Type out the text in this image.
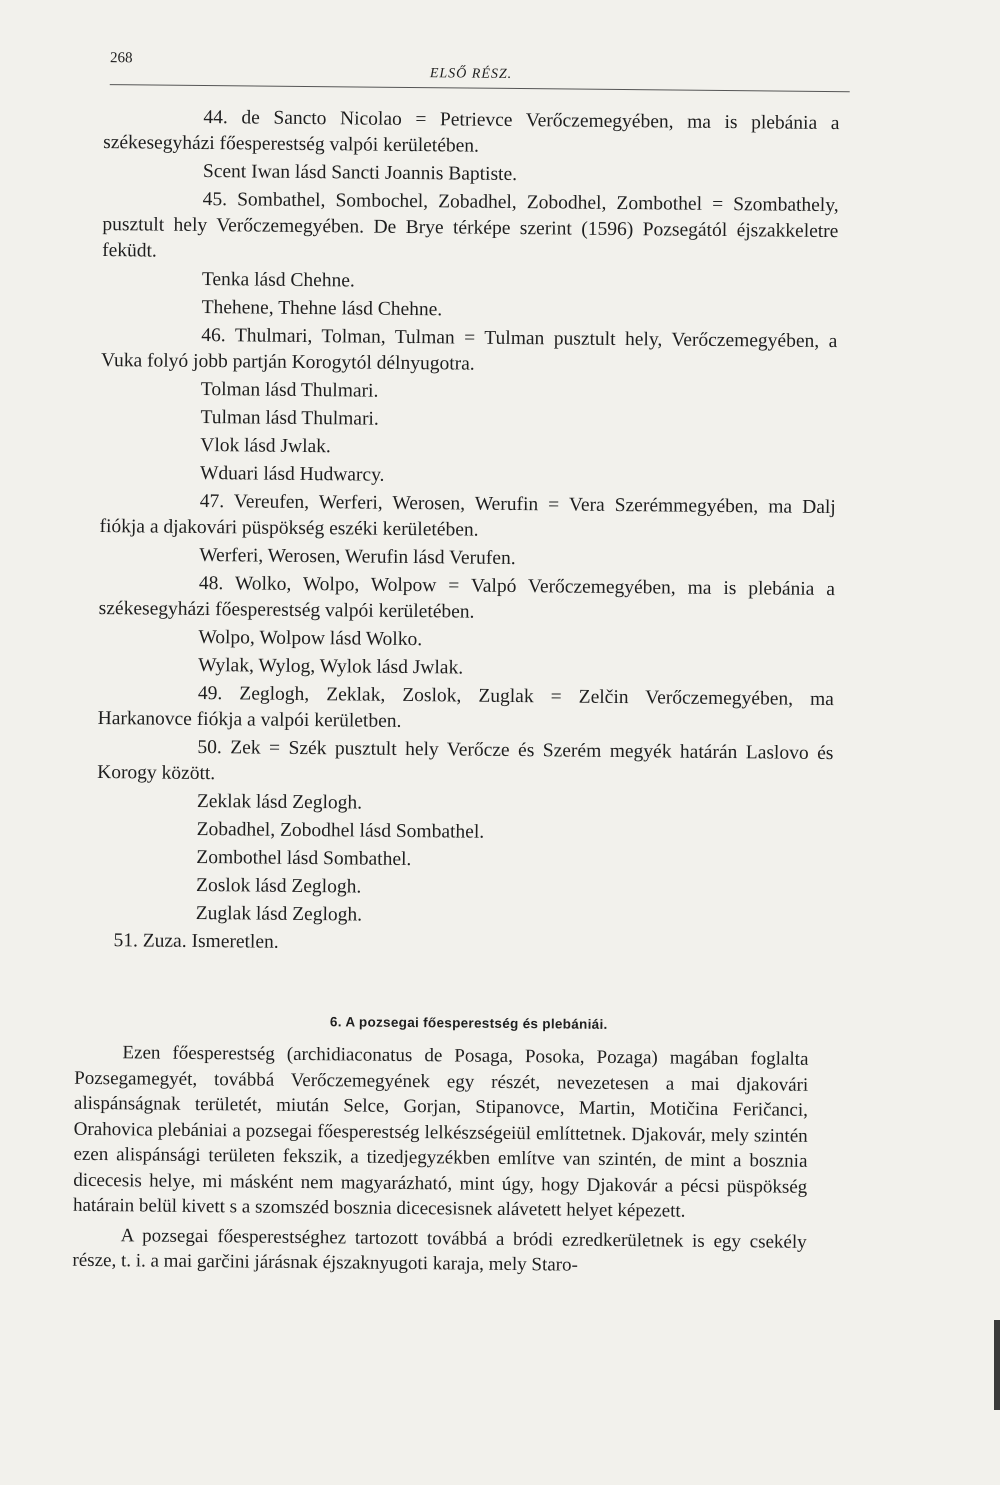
268
ELSŐ RÉSZ.

44. de Sancto Nicolao = Petrievce Verőczemegyében, ma is plebánia a székesegyházi főesperestség valpói kerületében.

Scent Iwan lásd Sancti Joannis Baptiste.

45. Sombathel, Sombochel, Zobadhel, Zobodhel, Zombothel = Szombathely, pusztult hely Verőczemegyében. De Brye térképe szerint (1596) Pozsegától éjszakkeletre feküdt.

Tenka lásd Chehne.

Thehene, Thehne lásd Chehne.

46. Thulmari, Tolman, Tulman = Tulman pusztult hely, Verőczemegyében, a Vuka folyó jobb partján Korogytól délnyugotra.

Tolman lásd Thulmari.

Tulman lásd Thulmari.

Vlok lásd Jwlak.

Wduari lásd Hudwarcy.

47. Vereufen, Werferi, Werosen, Werufin = Vera Szerémmegyében, ma Dalj fiókja a djakovári püspökség eszéki kerületében.

Werferi, Werosen, Werufin lásd Verufen.

48. Wolko, Wolpo, Wolpow = Valpó Verőczemegyében, ma is plebánia a székesegyházi főesperestség valpói kerületében.

Wolpo, Wolpow lásd Wolko.

Wylak, Wylog, Wylok lásd Jwlak.

49. Zeglogh, Zeklak, Zoslok, Zuglak = Zelčin Verőczemegyében, ma Harkanovce fiókja a valpói kerületben.

50. Zek = Szék pusztult hely Verőcze és Szerém megyék határán Laslovo és Korogy között.

Zeklak lásd Zeglogh.

Zobadhel, Zobodhel lásd Sombathel.

Zombothel lásd Sombathel.

Zoslok lásd Zeglogh.

Zuglak lásd Zeglogh.

51. Zuza. Ismeretlen.

6. A pozsegai főesperestség és plebániái.

Ezen főesperestség (archidiaconatus de Posaga, Posoka, Pozaga) magában foglalta Pozsegamegyét, továbbá Verőczemegyének egy részét, nevezetesen a mai djakovári alispánságnak területét, miután Selce, Gorjan, Stipanovce, Martin, Motičina Feričanci, Orahovica plebániai a pozsegai főesperestség lelkészségeiül említtetnek. Djakovár, mely szintén ezen alispánsági területen fekszik, a tizedjegyzékben említve van szintén, de mint a bosznia dicecesis helye, mi másként nem magyarázható, mint úgy, hogy Djakovár a pécsi püspökség határain belül kivett s a szomszéd bosznia dicecesisnek alávetett helyet képezett.

A pozsegai főesperestséghez tartozott továbbá a bródi ezredkerületnek is egy csekély része, t. i. a mai garčini járásnak éjszaknyugoti karaja, mely Staro-
